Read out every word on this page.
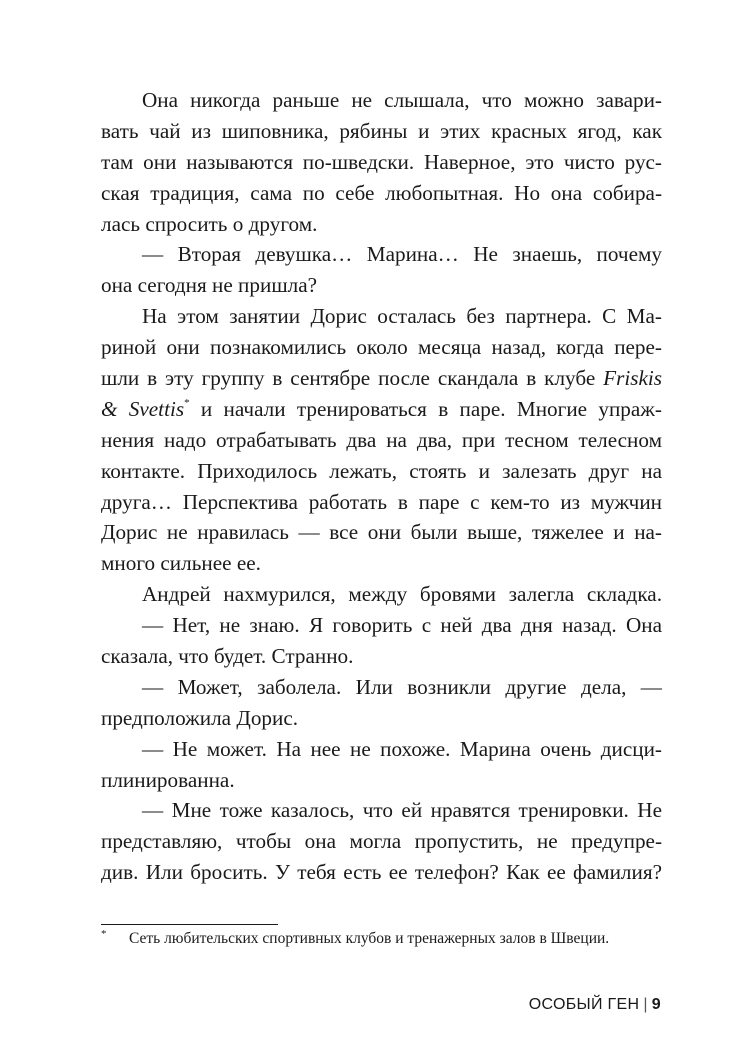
Она никогда раньше не слышала, что можно завари-
вать чай из шиповника, рябины и этих красных ягод, как
там они называются по-шведски. Наверное, это чисто рус-
ская традиция, сама по себе любопытная. Но она собира-
лась спросить о другом.
— Вторая девушка… Марина… Не знаешь, почему
она сегодня не пришла?
На этом занятии Дорис осталась без партнера. С Ма-
риной они познакомились около месяца назад, когда пере-
шли в эту группу в сентябре после скандала в клубе Friskis
& Svettis* и начали тренироваться в паре. Многие упраж-
нения надо отрабатывать два на два, при тесном телесном
контакте. Приходилось лежать, стоять и залезать друг на
друга… Перспектива работать в паре с кем-то из мужчин
Дорис не нравилась — все они были выше, тяжелее и на-
много сильнее ее.
Андрей нахмурился, между бровями залегла складка.
— Нет, не знаю. Я говорить с ней два дня назад. Она
сказала, что будет. Странно.
— Может, заболела. Или возникли другие дела, —
предположила Дорис.
— Не может. На нее не похоже. Марина очень дисци-
плинированна.
— Мне тоже казалось, что ей нравятся тренировки. Не
представляю, чтобы она могла пропустить, не предупре-
див. Или бросить. У тебя есть ее телефон? Как ее фамилия?
* Сеть любительских спортивных клубов и тренажерных залов в Швеции.
ОСОБЫЙ ГЕН | 9
